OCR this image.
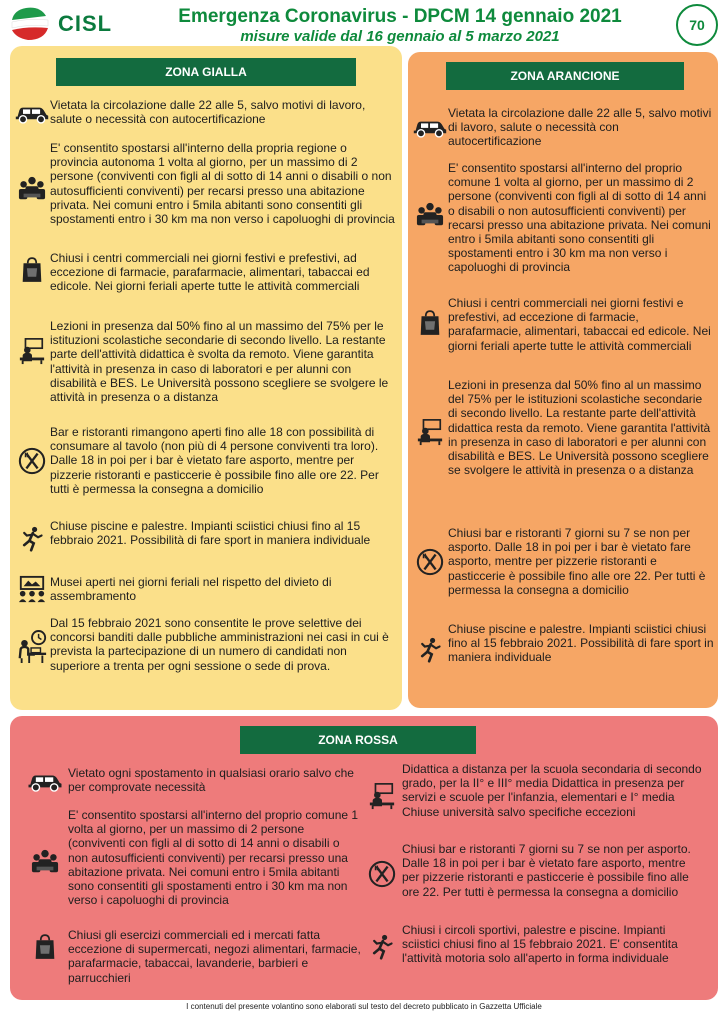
CISL	Emergenza Coronavirus - DPCM 14 gennaio 2021
misure valide dal 16 gennaio al 5 marzo 2021
70
ZONA GIALLA

Vietata la circolazione dalle 22 alle 5, salvo motivi di lavoro, salute o necessità con autocertificazione

E' consentito spostarsi all'interno della propria regione o provincia autonoma 1 volta al giorno, per un massimo di 2 persone (conviventi con figli al di sotto di 14 anni o disabili o non autosufficienti conviventi) per recarsi presso una abitazione privata. Nei comuni entro i 5mila abitanti sono consentiti gli spostamenti entro i 30 km ma non verso i capoluoghi di provincia

Chiusi i centri commerciali nei giorni festivi e prefestivi, ad eccezione di farmacie, parafarmacie, alimentari, tabaccai ed edicole. Nei giorni feriali aperte tutte le attività commerciali

Lezioni in presenza dal 50% fino al un massimo del 75% per le istituzioni scolastiche secondarie di secondo livello. La restante parte dell'attività didattica è svolta da remoto. Viene garantita l'attività in presenza in caso di laboratori e per alunni con disabilità e BES. Le Università possono scegliere se svolgere le attività in presenza o a distanza

Bar e ristoranti rimangono aperti fino alle 18 con possibilità di consumare al tavolo (non più di 4 persone conviventi tra loro). Dalle 18 in poi per i bar è vietato fare asporto, mentre per pizzerie ristoranti e pasticcerie è possibile fino alle ore 22. Per tutti è permessa la consegna a domicilio

Chiuse piscine e palestre. Impianti sciistici chiusi fino al 15 febbraio 2021. Possibilità di fare sport in maniera individuale

Musei aperti nei giorni feriali nel rispetto del divieto di assembramento

Dal 15 febbraio 2021 sono consentite le prove selettive dei concorsi banditi dalle pubbliche amministrazioni nei casi in cui è prevista la partecipazione di un numero di candidati non superiore a trenta per ogni sessione o sede di prova.

ZONA ARANCIONE

Vietata la circolazione dalle 22 alle 5, salvo motivi di lavoro, salute o necessità con autocertificazione

E' consentito spostarsi all'interno del proprio comune 1 volta al giorno, per un massimo di 2 persone (conviventi con figli al di sotto di 14 anni o disabili o non autosufficienti conviventi) per recarsi presso una abitazione privata. Nei comuni entro i 5mila abitanti sono consentiti gli spostamenti entro i 30 km ma non verso i capoluoghi di provincia

Chiusi i centri commerciali nei giorni festivi e prefestivi, ad eccezione di farmacie, parafarmacie, alimentari, tabaccai ed edicole. Nei giorni feriali aperte tutte le attività commerciali

Lezioni in presenza dal 50% fino al un massimo del 75% per le istituzioni scolastiche secondarie di secondo livello. La restante parte dell'attività didattica resta da remoto. Viene garantita l'attività in presenza in caso di laboratori e per alunni con disabilità e BES. Le Università possono scegliere se svolgere le attività in presenza o a distanza

Chiusi bar e ristoranti 7 giorni su 7 se non per asporto. Dalle 18 in poi per i bar è vietato fare asporto, mentre per pizzerie ristoranti e pasticcerie è possibile fino alle ore 22. Per tutti è permessa la consegna a domicilio

Chiuse piscine e palestre. Impianti sciistici chiusi fino al 15 febbraio 2021. Possibilità di fare sport in maniera individuale

ZONA ROSSA

Vietato ogni spostamento in qualsiasi orario salvo che per comprovate necessità

E' consentito spostarsi all'interno del proprio comune 1 volta al giorno, per un massimo di 2 persone (conviventi con figli al di sotto di 14 anni o disabili o non autosufficienti conviventi) per recarsi presso una abitazione privata. Nei comuni entro i 5mila abitanti sono consentiti gli spostamenti entro i 30 km ma non verso i capoluoghi di provincia

Chiusi gli esercizi commerciali ed i mercati fatta eccezione di supermercati, negozi alimentari, farmacie, parafarmacie, tabaccai, lavanderie, barbieri e parrucchieri

Didattica a distanza per la scuola secondaria di secondo grado, per la II° e III° media Didattica in presenza per servizi e scuole per l'infanzia, elementari e I° media Chiuse università salvo specifiche eccezioni

Chiusi bar e ristoranti 7 giorni su 7 se non per asporto. Dalle 18 in poi per i bar è vietato fare asporto, mentre per pizzerie ristoranti e pasticcerie è possibile fino alle ore 22. Per tutti è permessa la consegna a domicilio

Chiusi i circoli sportivi, palestre e piscine. Impianti sciistici chiusi fino al 15 febbraio 2021. E' consentita l'attività motoria solo all'aperto in forma individuale

I contenuti del presente volantino sono elaborati sul testo del decreto pubblicato in Gazzetta Ufficiale
